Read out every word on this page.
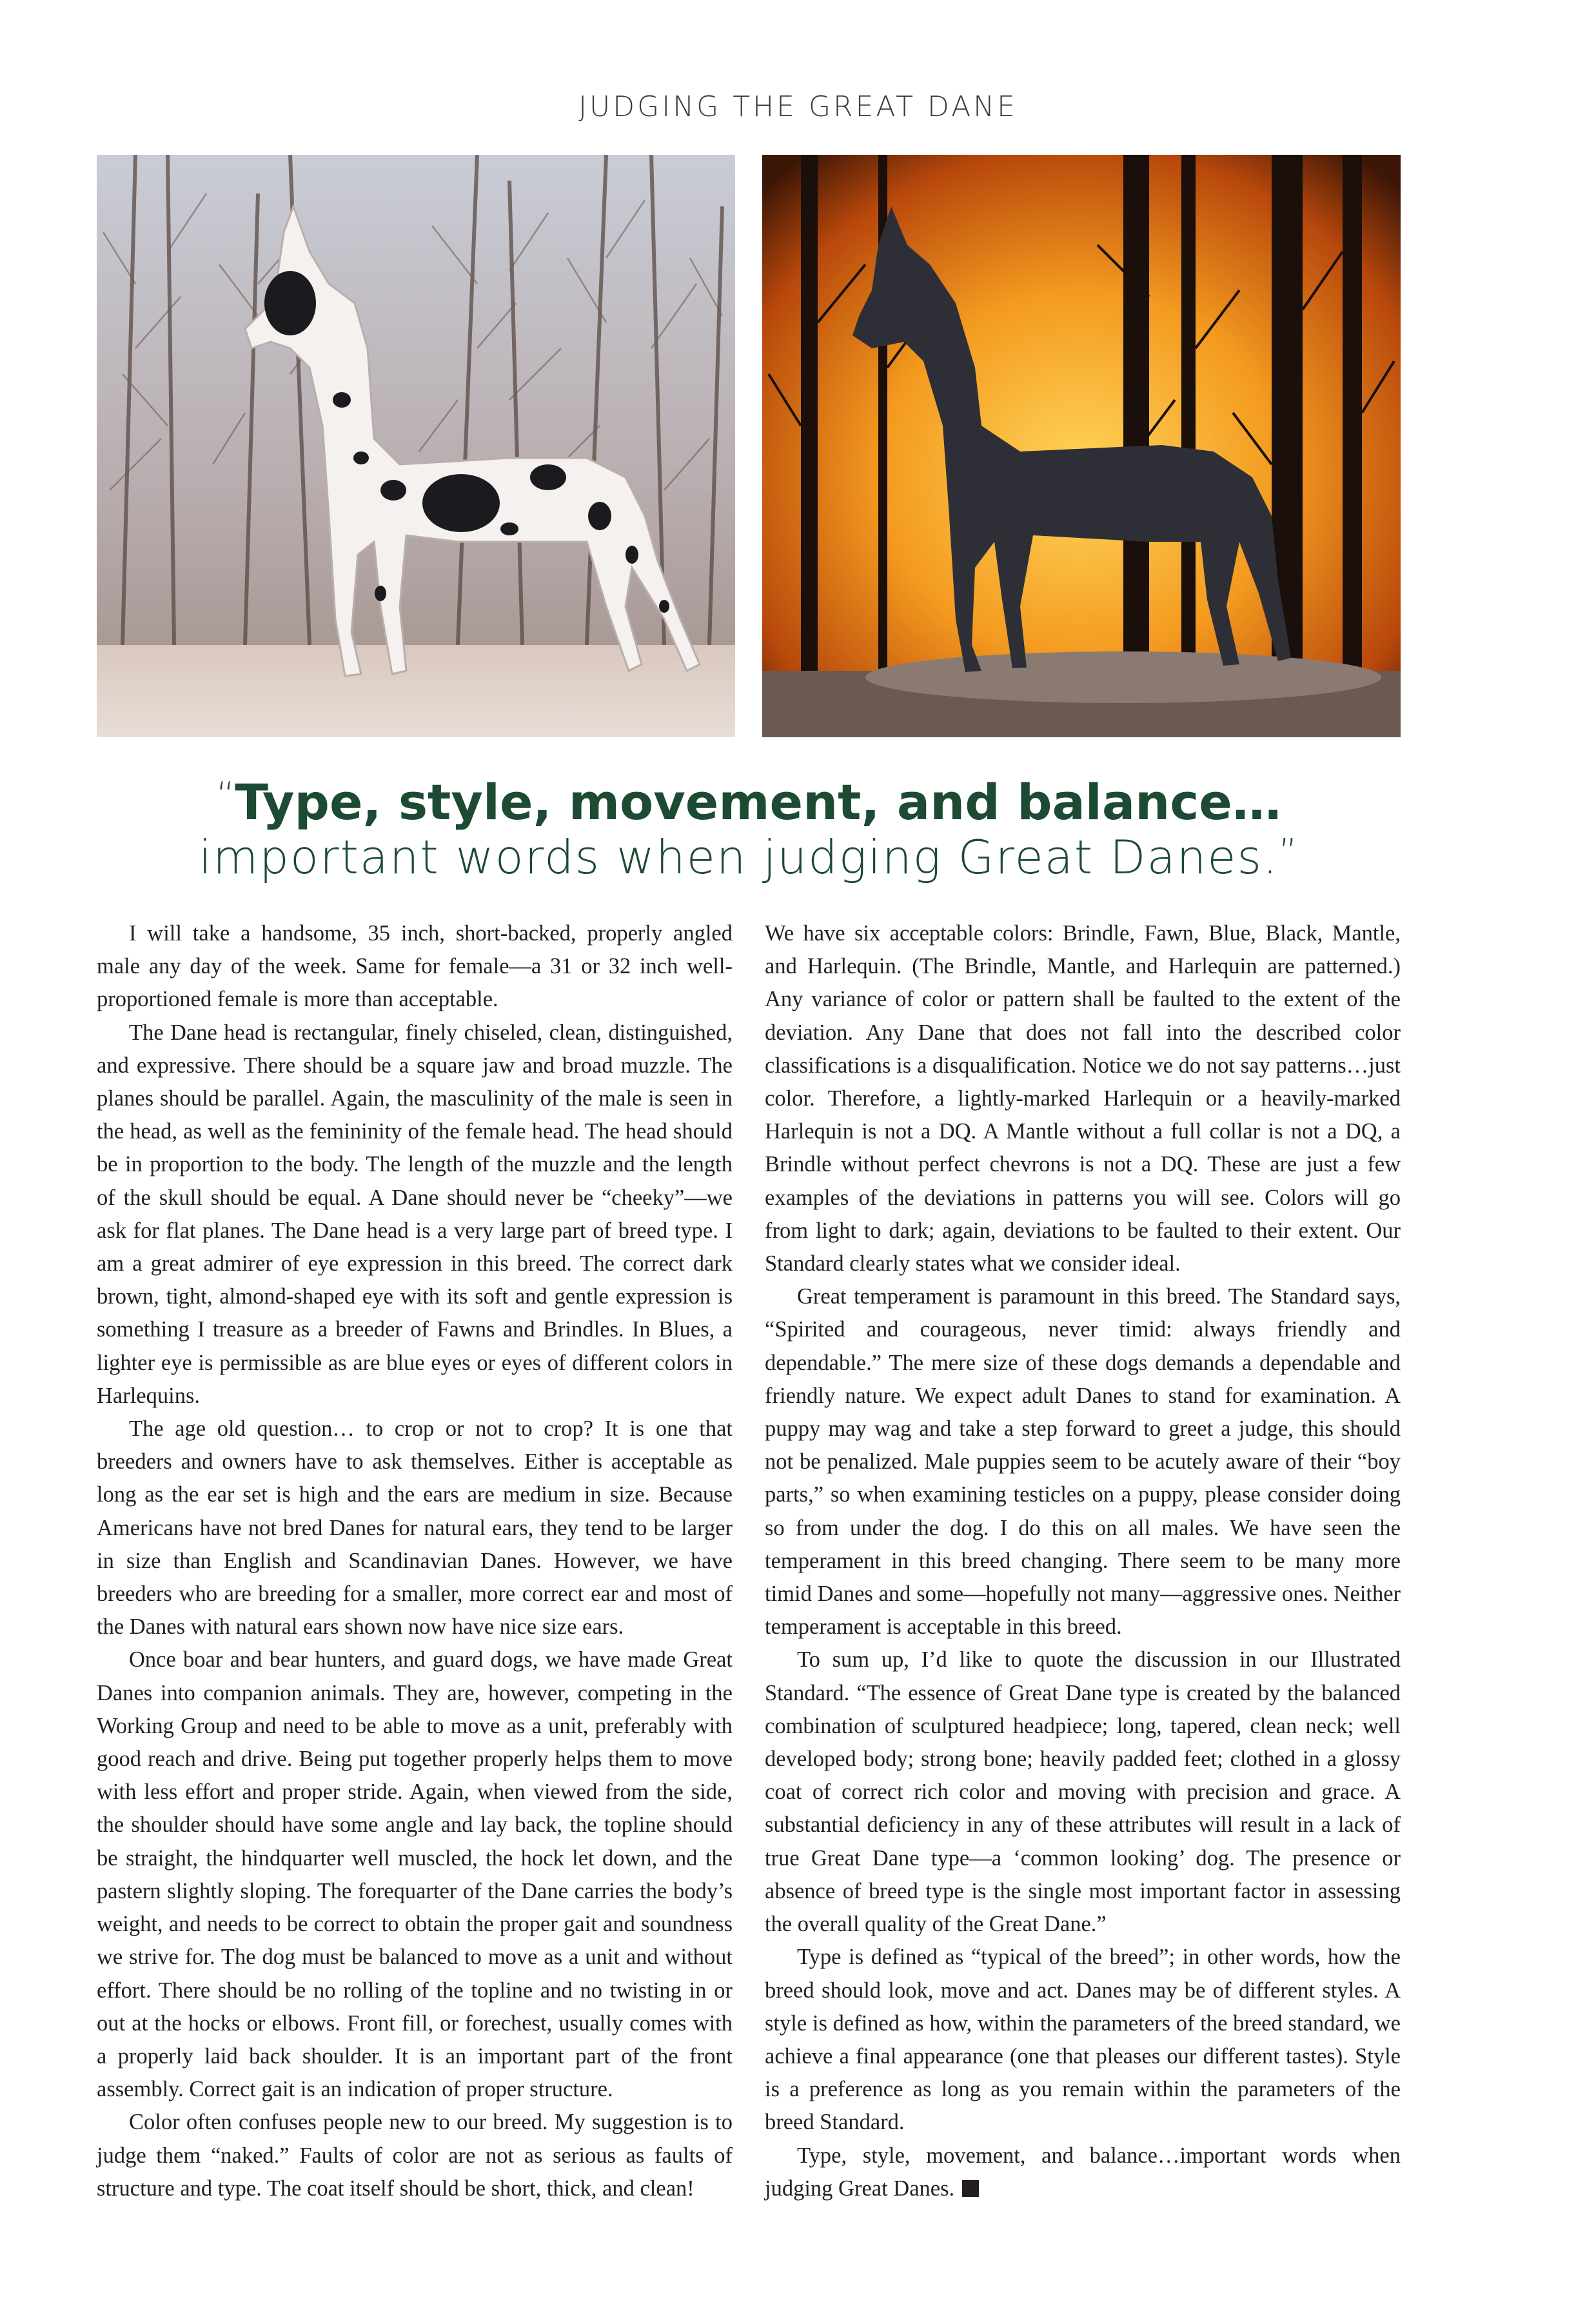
JUDGING THE GREAT DANE
“Type, style, movement, and balance…
important words when judging Great Danes.”

I will take a handsome, 35 inch, short-backed, properly angled male any day of the week. Same for female—a 31 or 32 inch well-proportioned female is more than acceptable.

The Dane head is rectangular, finely chiseled, clean, distinguished, and expressive. There should be a square jaw and broad muzzle. The planes should be parallel. Again, the masculinity of the male is seen in the head, as well as the femininity of the female head. The head should be in proportion to the body. The length of the muzzle and the length of the skull should be equal. A Dane should never be “cheeky”—we ask for flat planes. The Dane head is a very large part of breed type. I am a great admirer of eye expression in this breed. The correct dark brown, tight, almond-shaped eye with its soft and gentle expression is something I treasure as a breeder of Fawns and Brindles. In Blues, a lighter eye is permissible as are blue eyes or eyes of different colors in Harlequins.

The age old question… to crop or not to crop? It is one that breeders and owners have to ask themselves. Either is acceptable as long as the ear set is high and the ears are medium in size. Because Americans have not bred Danes for natural ears, they tend to be larger in size than English and Scandinavian Danes. However, we have breeders who are breeding for a smaller, more correct ear and most of the Danes with natural ears shown now have nice size ears.

Once boar and bear hunters, and guard dogs, we have made Great Danes into companion animals. They are, however, competing in the Working Group and need to be able to move as a unit, preferably with good reach and drive. Being put together properly helps them to move with less effort and proper stride. Again, when viewed from the side, the shoulder should have some angle and lay back, the topline should be straight, the hindquarter well muscled, the hock let down, and the pastern slightly sloping. The forequarter of the Dane carries the body’s weight, and needs to be correct to obtain the proper gait and soundness we strive for. The dog must be balanced to move as a unit and without effort. There should be no rolling of the topline and no twisting in or out at the hocks or elbows. Front fill, or forechest, usually comes with a properly laid back shoulder. It is an important part of the front assembly. Correct gait is an indication of proper structure.

Color often confuses people new to our breed. My suggestion is to judge them “naked.” Faults of color are not as serious as faults of structure and type. The coat itself should be short, thick, and clean!

We have six acceptable colors: Brindle, Fawn, Blue, Black, Mantle, and Harlequin. (The Brindle, Mantle, and Harlequin are patterned.) Any variance of color or pattern shall be faulted to the extent of the deviation. Any Dane that does not fall into the described color classifications is a disqualification. Notice we do not say patterns…just color. Therefore, a lightly-marked Harlequin or a heavily-marked Harlequin is not a DQ. A Mantle without a full collar is not a DQ, a Brindle without perfect chevrons is not a DQ. These are just a few examples of the deviations in patterns you will see. Colors will go from light to dark; again, deviations to be faulted to their extent. Our Standard clearly states what we consider ideal.

Great temperament is paramount in this breed. The Standard says, “Spirited and courageous, never timid: always friendly and dependable.” The mere size of these dogs demands a dependable and friendly nature. We expect adult Danes to stand for examination. A puppy may wag and take a step forward to greet a judge, this should not be penalized. Male puppies seem to be acutely aware of their “boy parts,” so when examining testicles on a puppy, please consider doing so from under the dog. I do this on all males. We have seen the temperament in this breed changing. There seem to be many more timid Danes and some—hopefully not many—aggressive ones. Neither temperament is acceptable in this breed.

To sum up, I’d like to quote the discussion in our Illustrated Standard. “The essence of Great Dane type is created by the balanced combination of sculptured headpiece; long, tapered, clean neck; well developed body; strong bone; heavily padded feet; clothed in a glossy coat of correct rich color and moving with precision and grace. A substantial deficiency in any of these attributes will result in a lack of true Great Dane type—a ‘common looking’ dog. The presence or absence of breed type is the single most important factor in assessing the overall quality of the Great Dane.”

Type is defined as “typical of the breed”; in other words, how the breed should look, move and act. Danes may be of different styles. A style is defined as how, within the parameters of the breed standard, we achieve a final appearance (one that pleases our different tastes). Style is a preference as long as you remain within the parameters of the breed Standard.

Type, style, movement, and balance…important words when judging Great Danes.
